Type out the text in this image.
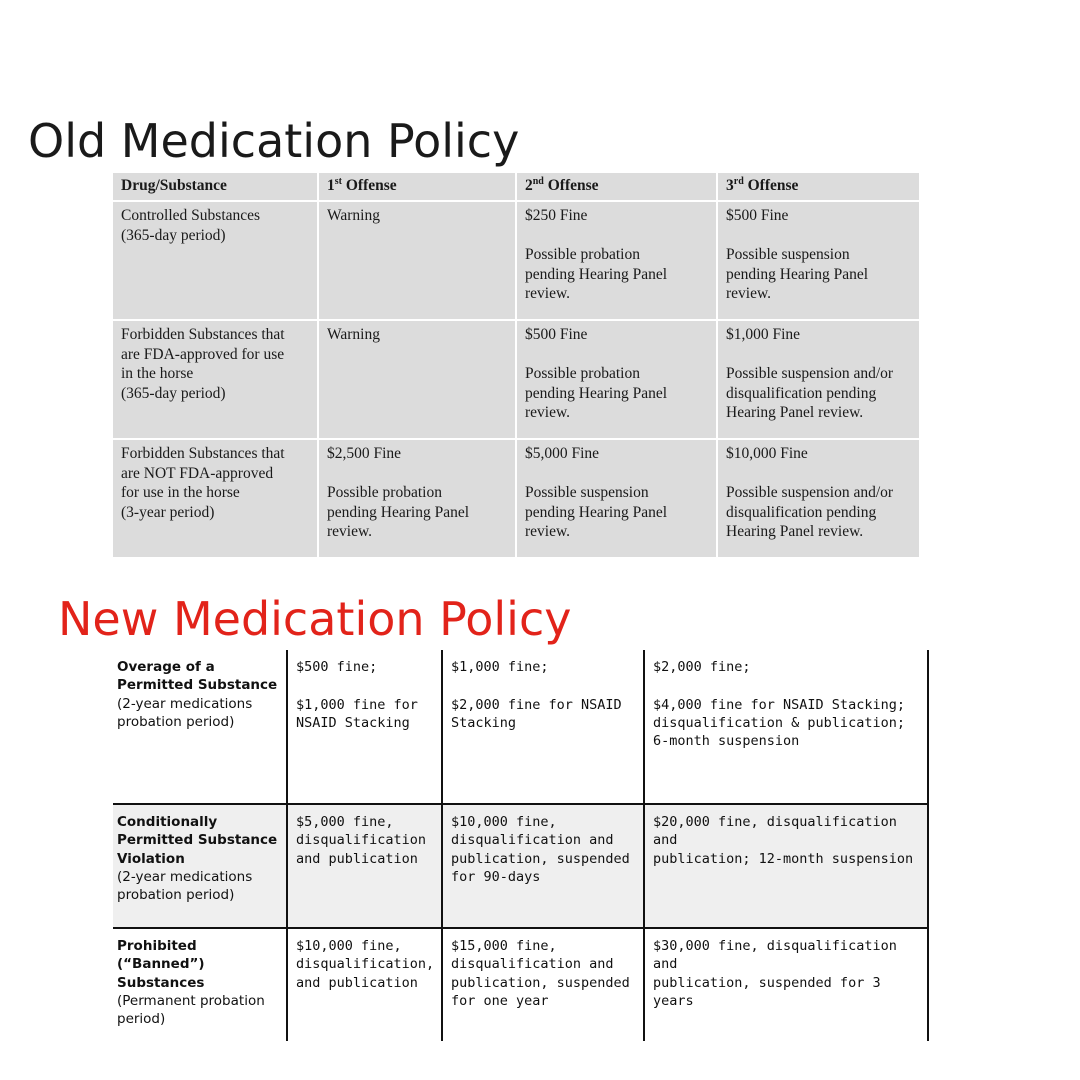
Old Medication Policy
Drug/Substance	1st Offense	2nd Offense	3rd Offense

Controlled Substances
(365-day period)	Warning	$250 Fine
Possible probation
pending Hearing Panel
review.	$500 Fine
Possible suspension
pending Hearing Panel
review.

Forbidden Substances that
are FDA-approved for use
in the horse
(365-day period)	Warning	$500 Fine
Possible probation
pending Hearing Panel
review.	$1,000 Fine
Possible suspension and/or
disqualification pending
Hearing Panel review.

Forbidden Substances that
are NOT FDA-approved
for use in the horse
(3-year period)	$2,500 Fine
Possible probation
pending Hearing Panel
review.	$5,000 Fine
Possible suspension
pending Hearing Panel
review.	$10,000 Fine
Possible suspension and/or
disqualification pending
Hearing Panel review.
New Medication Policy
Overage of a
Permitted Substance
(2-year medications
probation period)	$500 fine;
$1,000 fine for
NSAID Stacking	$1,000 fine;
$2,000 fine for NSAID
Stacking	$2,000 fine;
$4,000 fine for NSAID Stacking;
disqualification & publication;
6-month suspension

Conditionally
Permitted Substance
Violation
(2-year medications
probation period)	$5,000 fine,
disqualification
and publication	$10,000 fine,
disqualification and
publication, suspended
for 90-days	$20,000 fine, disqualification and
publication; 12-month suspension

Prohibited
(“Banned”)
Substances
(Permanent probation
period)	$10,000 fine,
disqualification,
and publication	$15,000 fine,
disqualification and
publication, suspended
for one year	$30,000 fine, disqualification and
publication, suspended for 3 years
